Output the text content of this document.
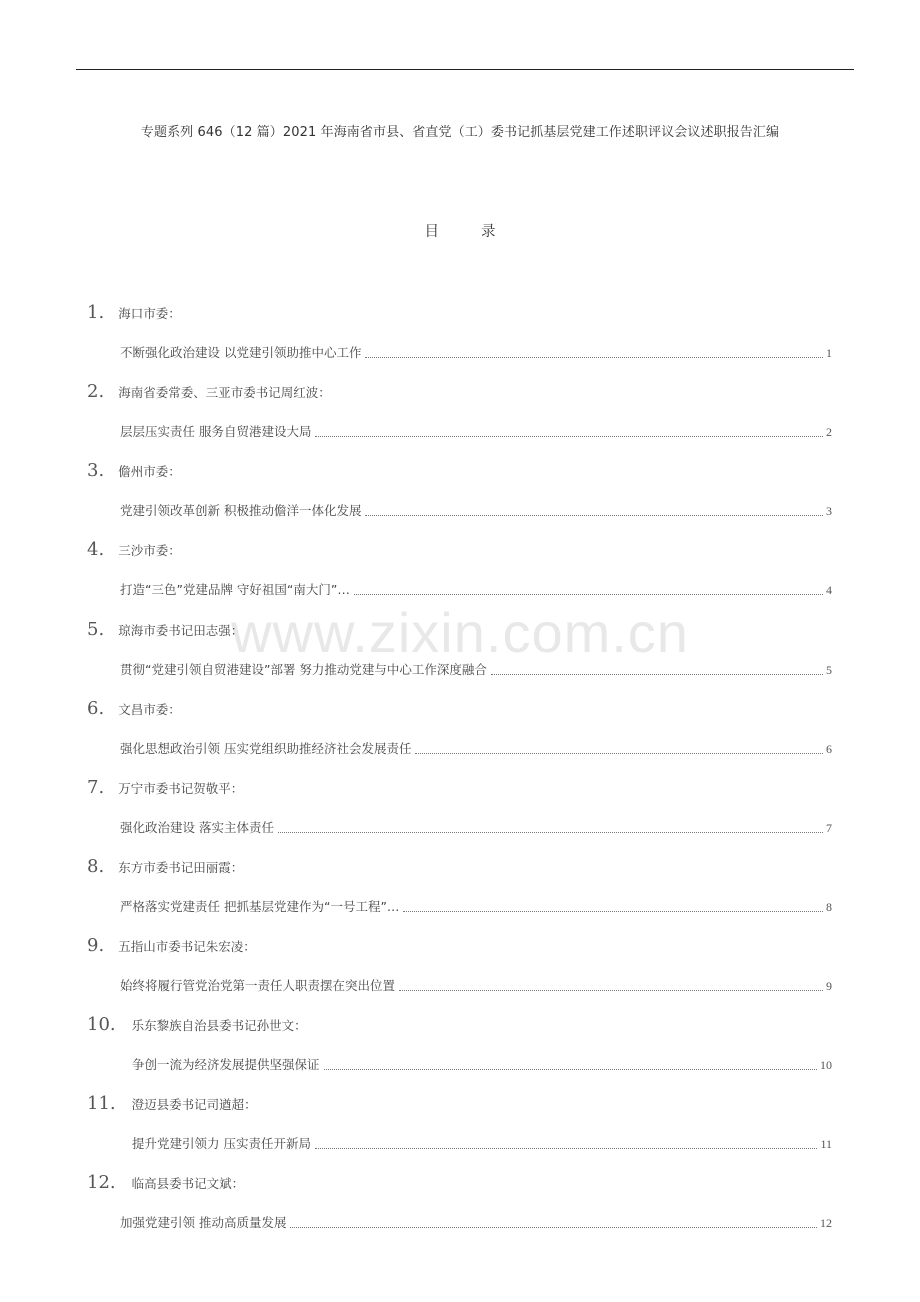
专题系列 646（12 篇）2021 年海南省市县、省直党（工）委书记抓基层党建工作述职评议会议述职报告汇编
目	录
www.zixin.com.cn
1. 海口市委：
不断强化政治建设 以党建引领助推中心工作	1
2. 海南省委常委、三亚市委书记周红波：
层层压实责任 服务自贸港建设大局	2
3. 儋州市委：
党建引领改革创新 积极推动儋洋一体化发展	3
4. 三沙市委：
打造“三色”党建品牌 守好祖国“南大门”…	4
5. 琼海市委书记田志强：
贯彻“党建引领自贸港建设”部署 努力推动党建与中心工作深度融合	5
6. 文昌市委：
强化思想政治引领 压实党组织助推经济社会发展责任	6
7. 万宁市委书记贺敬平：
强化政治建设 落实主体责任	7
8. 东方市委书记田丽霞：
严格落实党建责任 把抓基层党建作为“一号工程”…	8
9. 五指山市委书记朱宏凌：
始终将履行管党治党第一责任人职责摆在突出位置	9
10. 乐东黎族自治县委书记孙世文：
争创一流为经济发展提供坚强保证	10
11. 澄迈县委书记司遒超：
提升党建引领力 压实责任开新局	11
12. 临高县委书记文斌：
加强党建引领 推动高质量发展	12
